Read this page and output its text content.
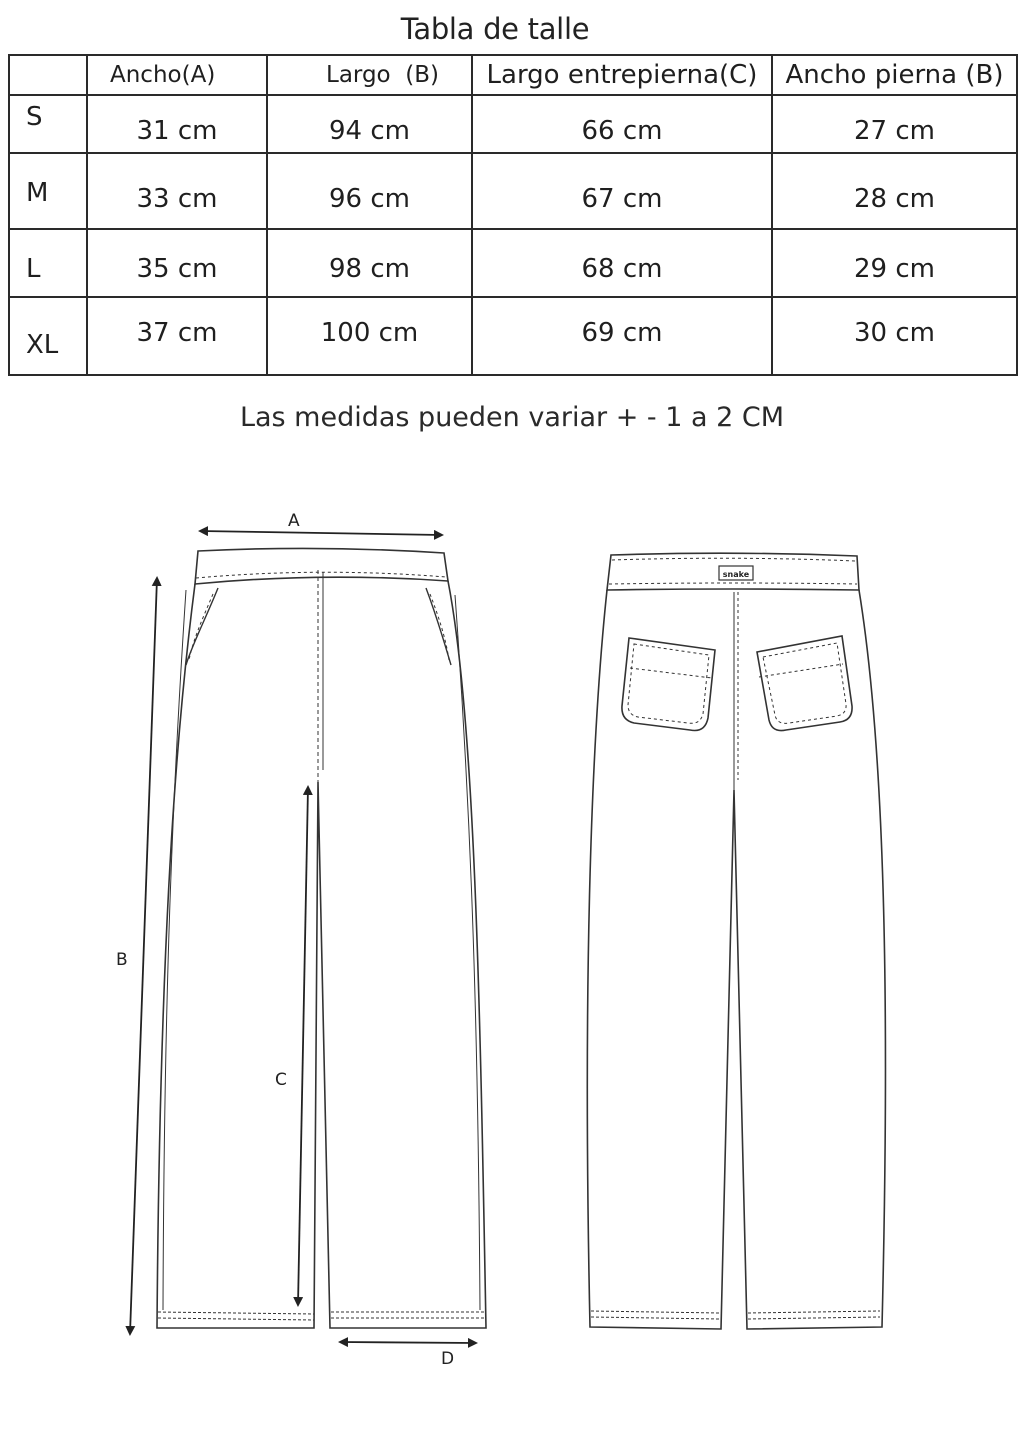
Tabla de talle
	Ancho(A)	Largo  (B)	Largo entrepierna(C)	Ancho pierna (B)
S	31 cm	94 cm	66 cm	27 cm
M	33 cm	96 cm	67 cm	28 cm
L	35 cm	98 cm	68 cm	29 cm
XL	37 cm	100 cm	69 cm	30 cm
Las medidas pueden variar + - 1 a 2 CM
A
B
C
D
snake
